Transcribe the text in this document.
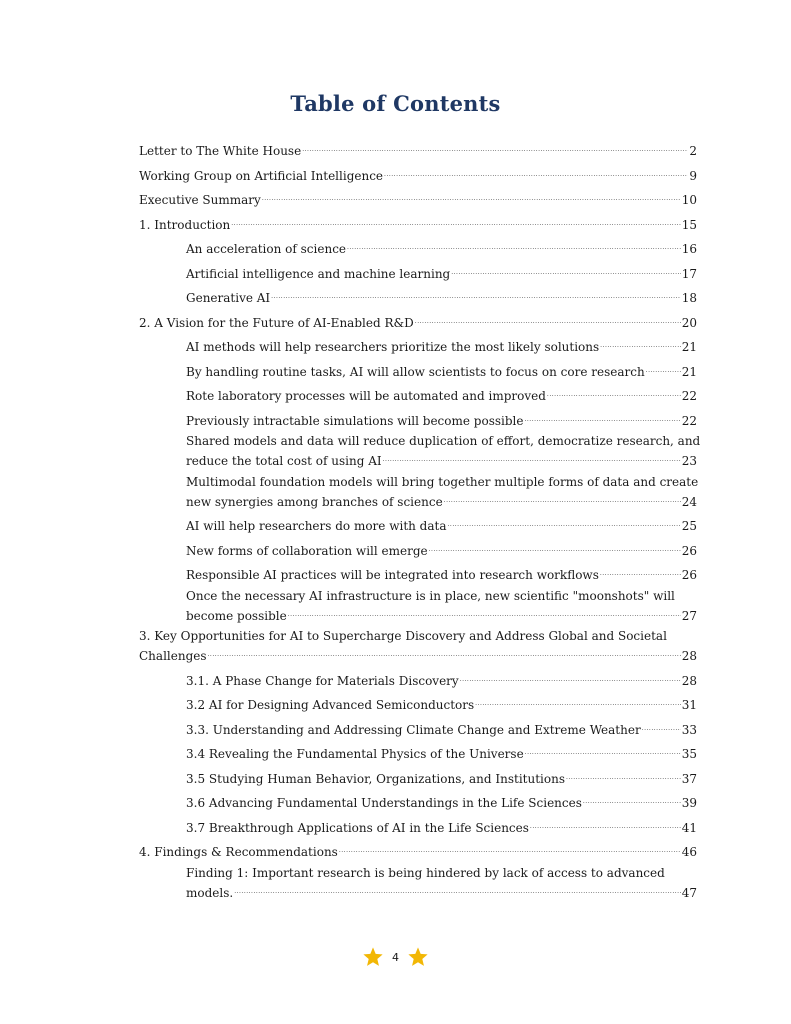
Table of Contents
Letter to The White House .....	2
Working Group on Artificial Intelligence .....	9
Executive Summary .....	10
1. Introduction .....	15
An acceleration of science .....	16
Artificial intelligence and machine learning .....	17
Generative AI .....	18
2. A Vision for the Future of AI-Enabled R&D .....	20
AI methods will help researchers prioritize the most likely solutions .....	21
By handling routine tasks, AI will allow scientists to focus on core research .....	21
Rote laboratory processes will be automated and improved .....	22
Previously intractable simulations will become possible .....	22
Shared models and data will reduce duplication of effort, democratize research, and
reduce the total cost of using AI .....	23
Multimodal foundation models will bring together multiple forms of data and create
new synergies among branches of science .....	24
AI will help researchers do more with data .....	25
New forms of collaboration will emerge .....	26
Responsible AI practices will be integrated into research workflows .....	26
Once the necessary AI infrastructure is in place, new scientific "moonshots" will
become possible .....	27
3. Key Opportunities for AI to Supercharge Discovery and Address Global and Societal
Challenges .....	28
3.1. A Phase Change for Materials Discovery .....	28
3.2 AI for Designing Advanced Semiconductors .....	31
3.3. Understanding and Addressing Climate Change and Extreme Weather .....	33
3.4 Revealing the Fundamental Physics of the Universe .....	35
3.5 Studying Human Behavior, Organizations, and Institutions .....	37
3.6 Advancing Fundamental Understandings in the Life Sciences .....	39
3.7 Breakthrough Applications of AI in the Life Sciences .....	41
4. Findings & Recommendations .....	46
Finding 1: Important research is being hindered by lack of access to advanced
models. .....	47
4
